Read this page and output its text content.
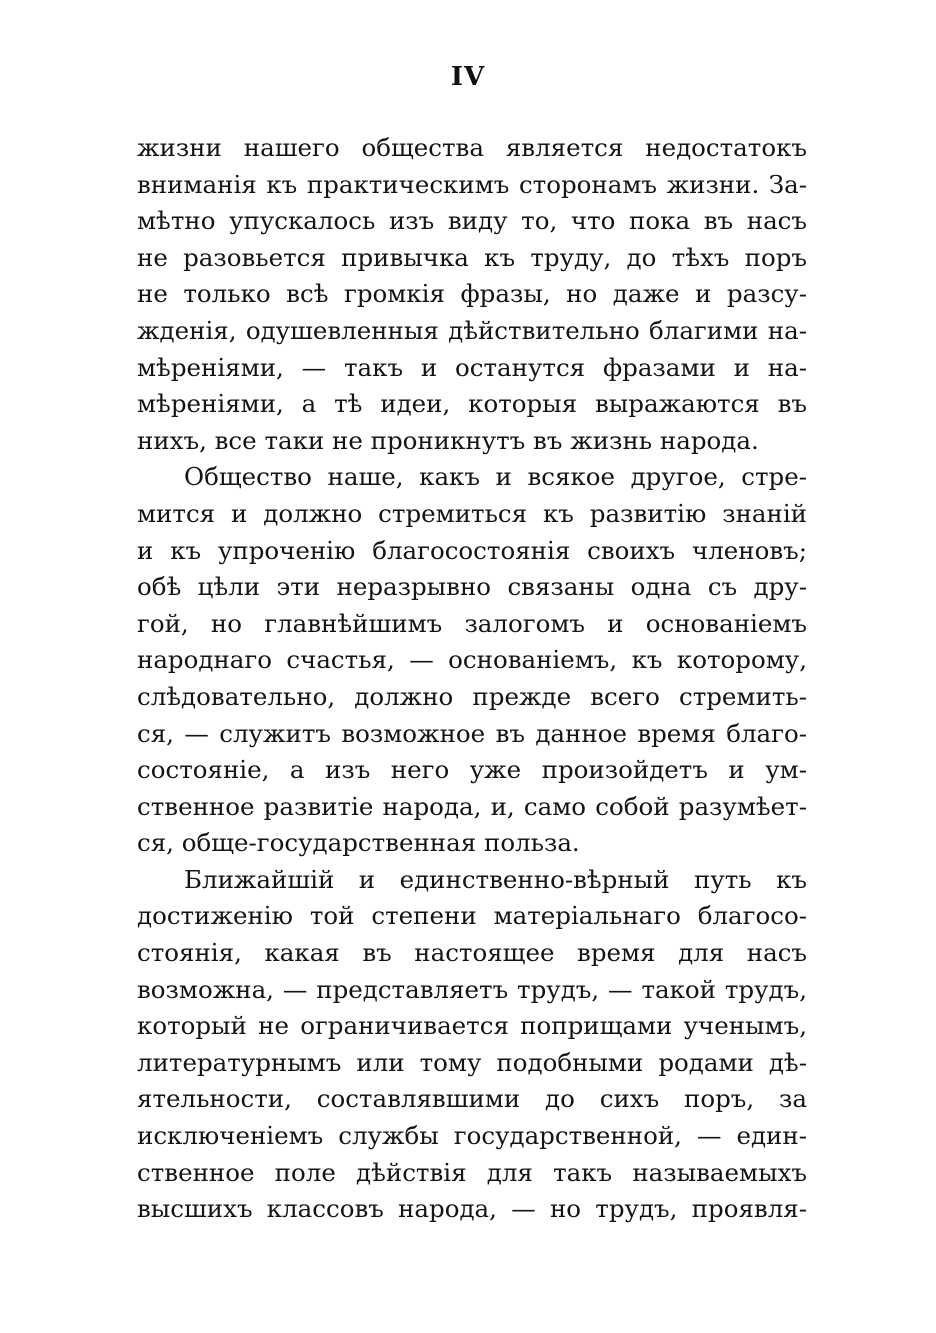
IV
жизни нашего общества является недостатокъ
вниманія къ практическимъ сторонамъ жизни. За-
мѣтно упускалось изъ виду то, что пока въ насъ
не разовьется привычка къ труду, до тѣхъ поръ
не только всѣ громкія фразы, но даже и разсу-
жденія, одушевленныя дѣйствительно благими на-
мѣреніями, — такъ и останутся фразами и на-
мѣреніями, а тѣ идеи, которыя выражаются въ
нихъ, все таки не проникнутъ въ жизнь народа.
Общество наше, какъ и всякое другое, стре-
мится и должно стремиться къ развитію знаній
и къ упроченію благосостоянія своихъ членовъ;
обѣ цѣли эти неразрывно связаны одна съ дру-
гой, но главнѣйшимъ залогомъ и основаніемъ
народнаго счастья, — основаніемъ, къ которому,
слѣдовательно, должно прежде всего стремить-
ся, — служитъ возможное въ данное время благо-
состояніе, а изъ него уже произойдетъ и ум-
ственное развитіе народа, и, само собой разумѣет-
ся, обще-государственная польза.
Ближайшій и единственно-вѣрный путь къ
достиженію той степени матеріальнаго благосо-
стоянія, какая въ настоящее время для насъ
возможна, — представляетъ трудъ, — такой трудъ,
который не ограничивается поприщами ученымъ,
литературнымъ или тому подобными родами дѣ-
ятельности, составлявшими до сихъ поръ, за
исключеніемъ службы государственной, — един-
ственное поле дѣйствія для такъ называемыхъ
высшихъ классовъ народа, — но трудъ, проявля-
